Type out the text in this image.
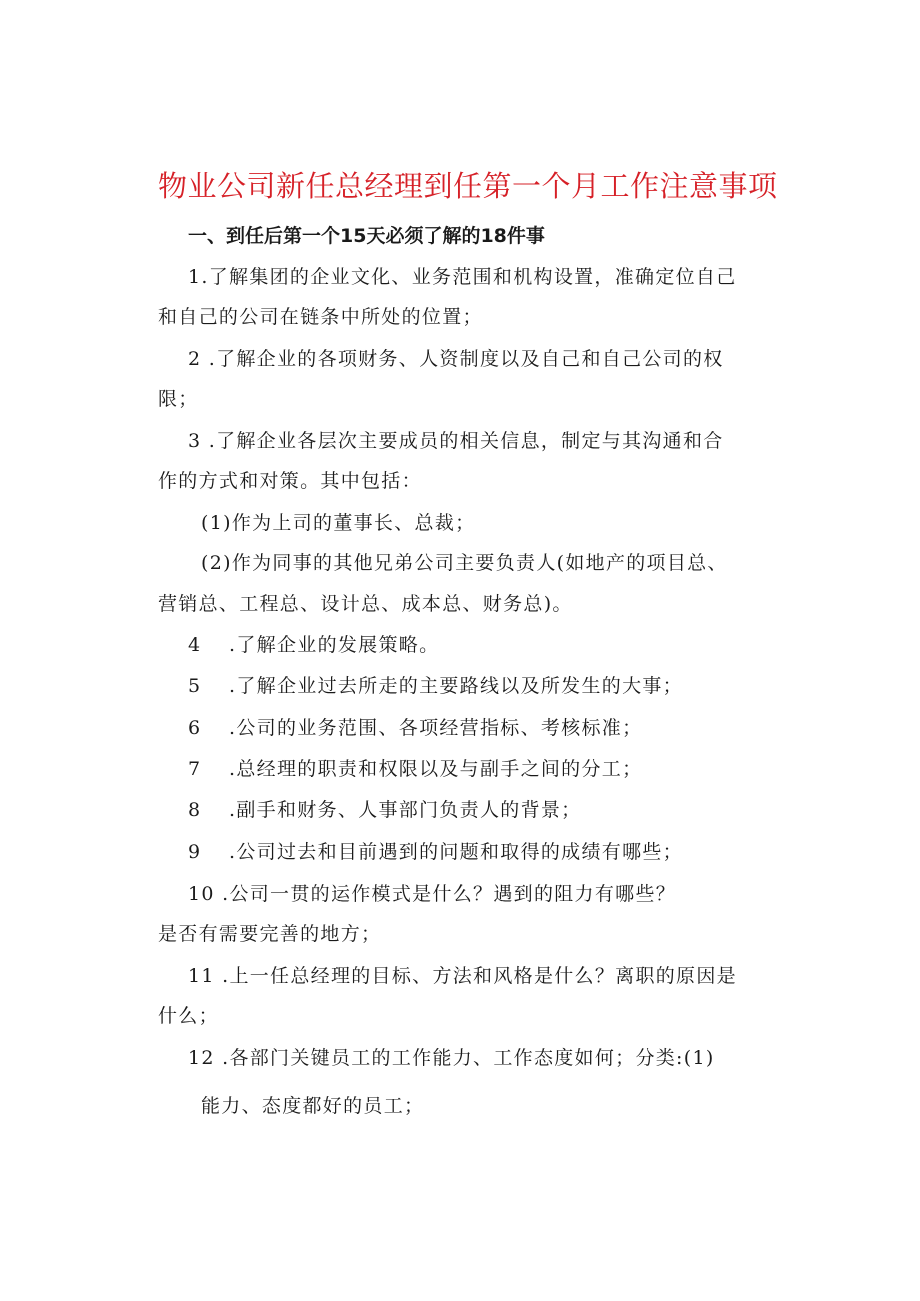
物业公司新任总经理到任第一个月工作注意事项
一、到任后第一个15天必须了解的18件事
1.了解集团的企业文化、业务范围和机构设置，准确定位自己
和自己的公司在链条中所处的位置；
2 .了解企业的各项财务、人资制度以及自己和自己公司的权
限；
3 .了解企业各层次主要成员的相关信息，制定与其沟通和合
作的方式和对策。其中包括：
(1)作为上司的董事长、总裁；
(2)作为同事的其他兄弟公司主要负责人(如地产的项目总、
营销总、工程总、设计总、成本总、财务总)。
4  .了解企业的发展策略。
5  .了解企业过去所走的主要路线以及所发生的大事；
6  .公司的业务范围、各项经营指标、考核标准；
7  .总经理的职责和权限以及与副手之间的分工；
8  .副手和财务、人事部门负责人的背景；
9  .公司过去和目前遇到的问题和取得的成绩有哪些；
10 .公司一贯的运作模式是什么？遇到的阻力有哪些？
是否有需要完善的地方；
11 .上一任总经理的目标、方法和风格是什么？离职的原因是
什么；
12 .各部门关键员工的工作能力、工作态度如何；分类:(1)
能力、态度都好的员工；
